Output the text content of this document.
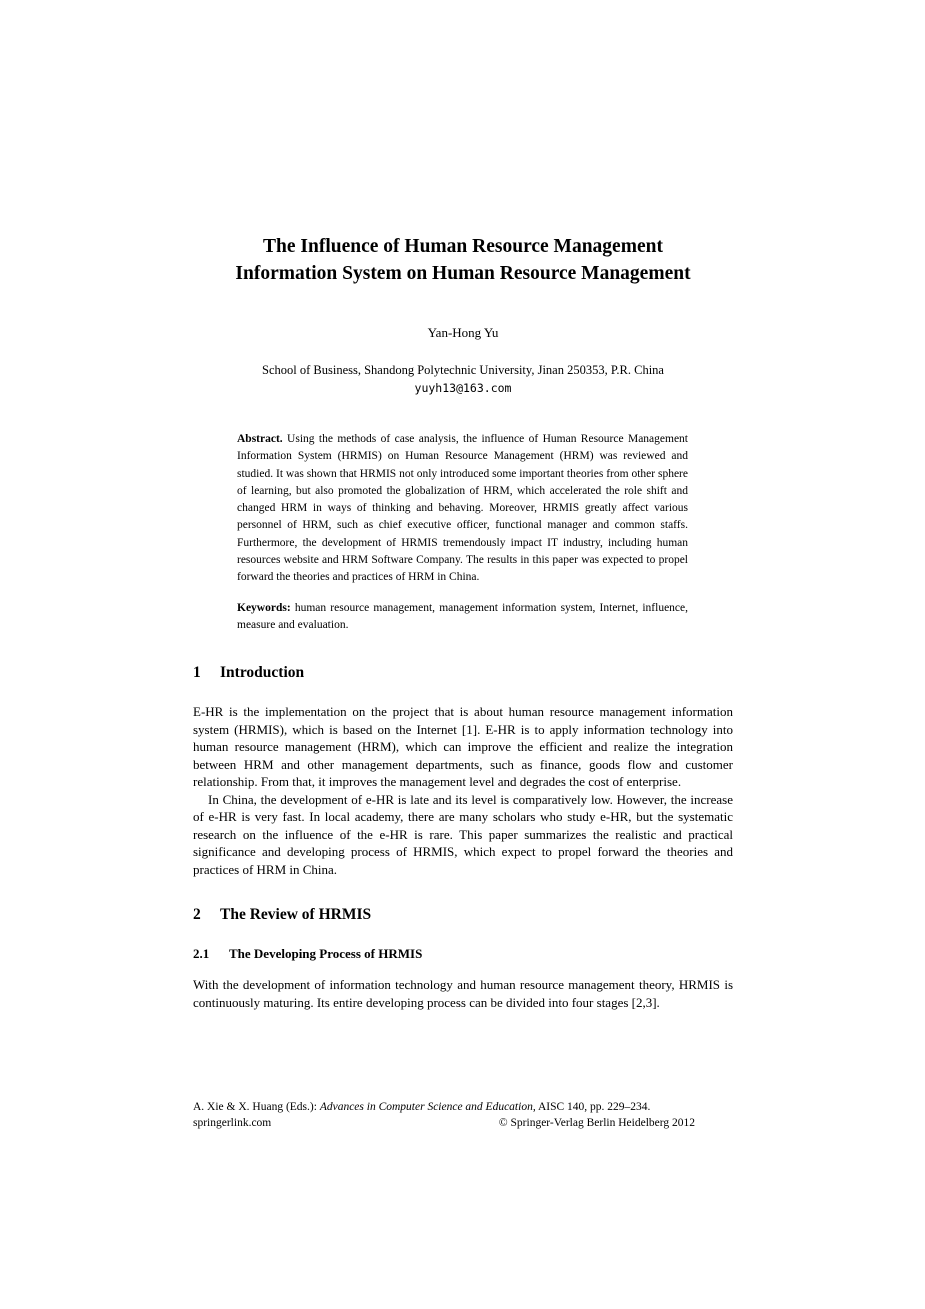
The Influence of Human Resource Management
Information System on Human Resource Management
Yan-Hong Yu
School of Business, Shandong Polytechnic University, Jinan 250353, P.R. China
yuyh13@163.com

Abstract. Using the methods of case analysis, the influence of Human Resource Management Information System (HRMIS) on Human Resource Management (HRM) was reviewed and studied. It was shown that HRMIS not only introduced some important theories from other sphere of learning, but also promoted the globalization of HRM, which accelerated the role shift and changed HRM in ways of thinking and behaving. Moreover, HRMIS greatly affect various personnel of HRM, such as chief executive officer, functional manager and common staffs. Furthermore, the development of HRMIS tremendously impact IT industry, including human resources website and HRM Software Company. The results in this paper was expected to propel forward the theories and practices of HRM in China.

Keywords: human resource management, management information system, Internet, influence, measure and evaluation.

1 Introduction

E-HR is the implementation on the project that is about human resource management information system (HRMIS), which is based on the Internet [1]. E-HR is to apply information technology into human resource management (HRM), which can improve the efficient and realize the integration between HRM and other management departments, such as finance, goods flow and customer relationship. From that, it improves the management level and degrades the cost of enterprise.

In China, the development of e-HR is late and its level is comparatively low. However, the increase of e-HR is very fast. In local academy, there are many scholars who study e-HR, but the systematic research on the influence of the e-HR is rare. This paper summarizes the realistic and practical significance and developing process of HRMIS, which expect to propel forward the theories and practices of HRM in China.

2 The Review of HRMIS
2.1 The Developing Process of HRMIS

With the development of information technology and human resource management theory, HRMIS is continuously maturing. Its entire developing process can be divided into four stages [2,3].

A. Xie & X. Huang (Eds.): Advances in Computer Science and Education, AISC 140, pp. 229–234.
springerlink.com	© Springer-Verlag Berlin Heidelberg 2012
